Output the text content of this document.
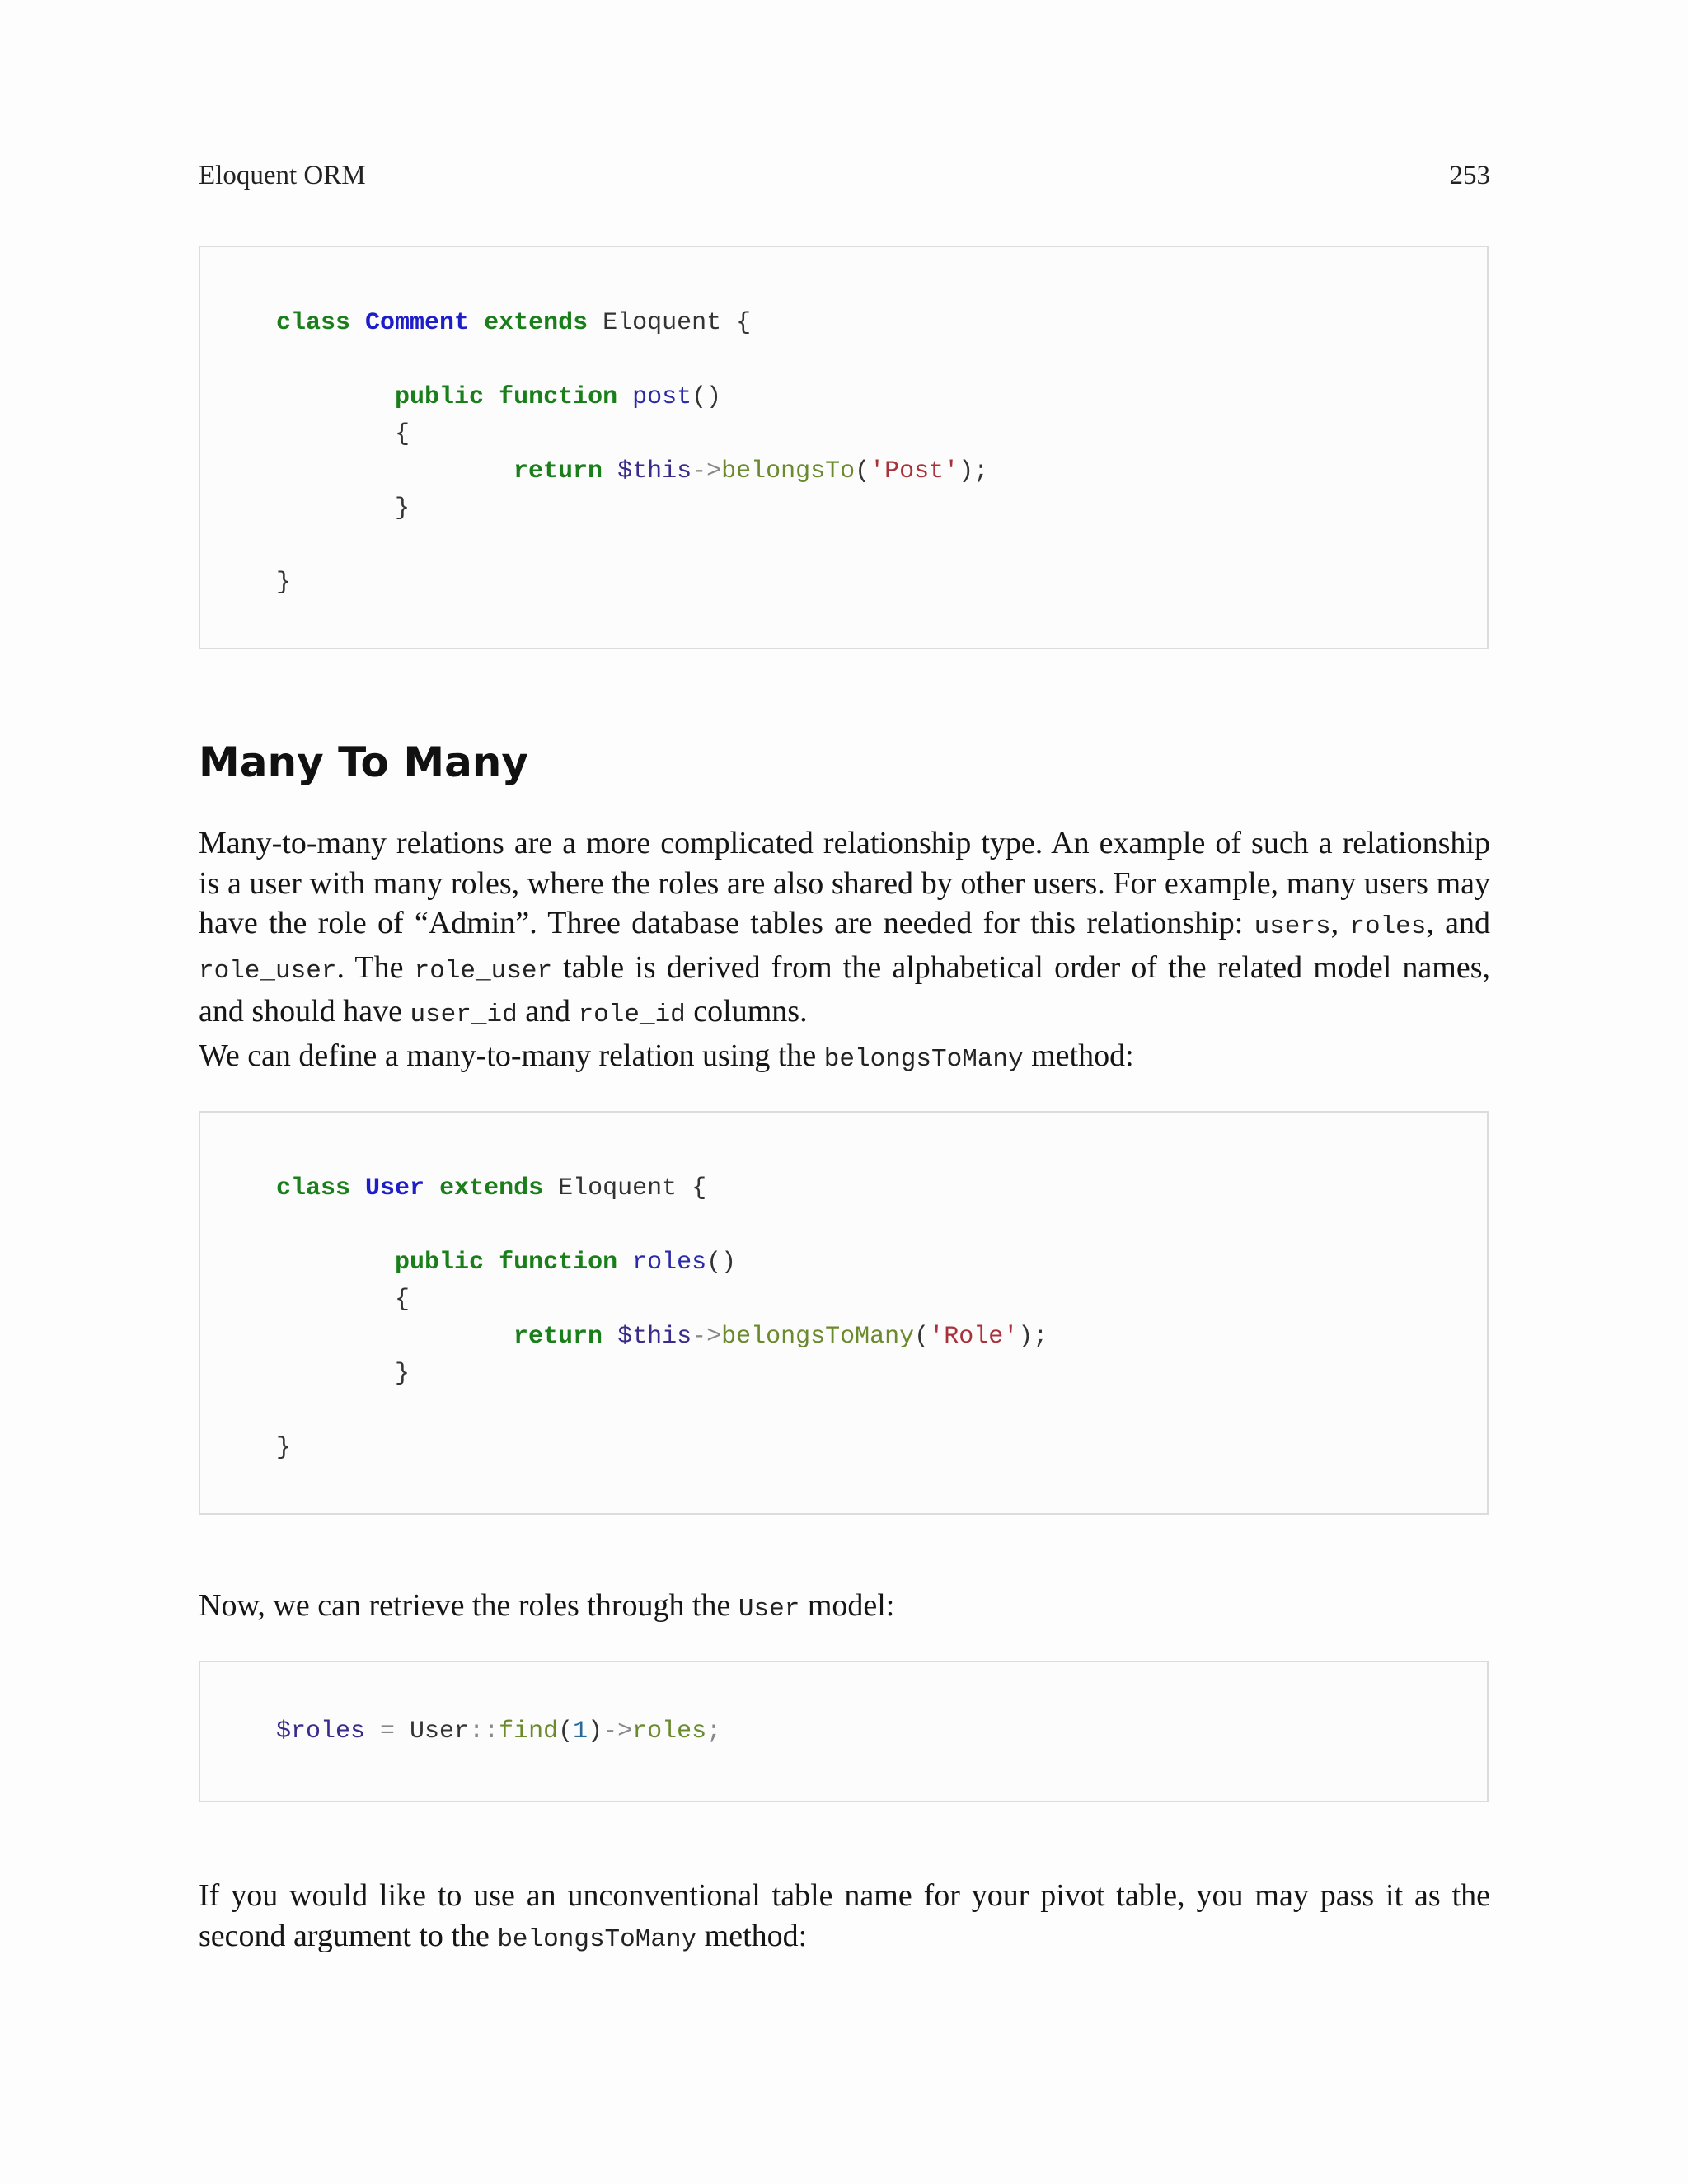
Eloquent ORM	253
class Comment extends Eloquent {

public function post()
{
return $this->belongsTo('Post');
}

}
Many To Many

Many-to-many relations are a more complicated relationship type. An example of such a relationship is a user with many roles, where the roles are also shared by other users. For example, many users may have the role of “Admin”. Three database tables are needed for this relationship: users, roles, and role_user. The role_user table is derived from the alphabetical order of the related model names, and should have user_id and role_id columns.

We can define a many-to-many relation using the belongsToMany method:

class User extends Eloquent {

public function roles()
{
return $this->belongsToMany('Role');
}

}

Now, we can retrieve the roles through the User model:

$roles = User::find(1)->roles;

If you would like to use an unconventional table name for your pivot table, you may pass it as the second argument to the belongsToMany method:
